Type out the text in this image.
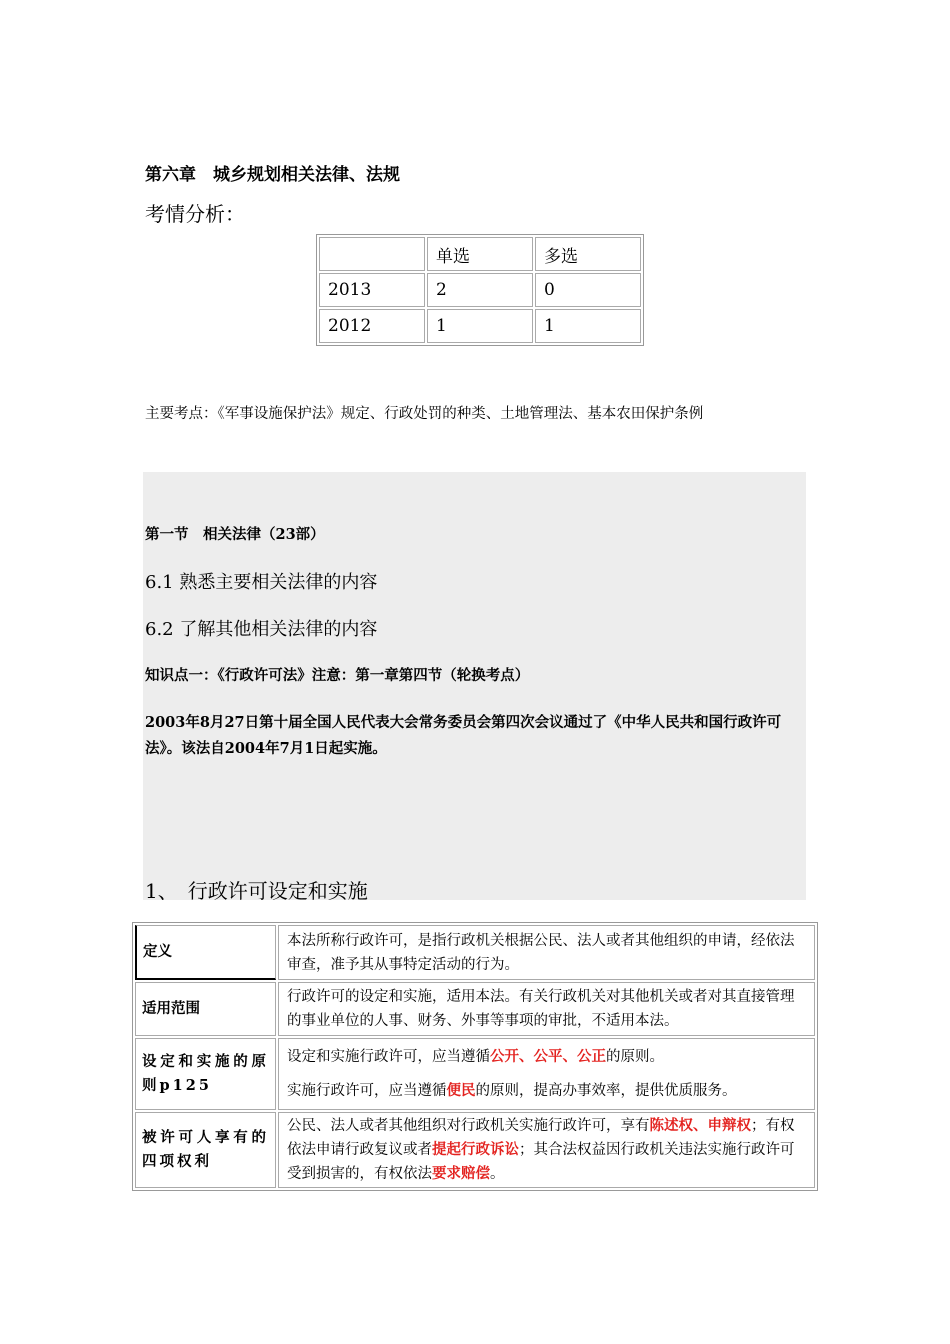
第六章　城乡规划相关法律、法规
考情分析：
	单选	多选
2013	2	0
2012	1	1
主要考点：《军事设施保护法》规定、行政处罚的种类、土地管理法、基本农田保护条例
第一节　相关法律（23部）
6.1 熟悉主要相关法律的内容
6.2 了解其他相关法律的内容
知识点一：《行政许可法》注意：第一章第四节（轮换考点）
2003年8月27日第十届全国人民代表大会常务委员会第四次会议通过了《中华人民共和国行政许可法》。该法自2004年7月1日起实施。
1、　行政许可设定和实施
定义	本法所称行政许可，是指行政机关根据公民、法人或者其他组织的申请，经依法审查，准予其从事特定活动的行为。
适用范围	行政许可的设定和实施，适用本法。有关行政机关对其他机关或者对其直接管理的事业单位的人事、财务、外事等事项的审批，不适用本法。
设定和实施的原则p125	设定和实施行政许可，应当遵循公开、公平、公正的原则。
实施行政许可，应当遵循便民的原则，提高办事效率，提供优质服务。

被许可人享有的四项权利	公民、法人或者其他组织对行政机关实施行政许可，享有陈述权、申辩权；有权依法申请行政复议或者提起行政诉讼；其合法权益因行政机关违法实施行政许可受到损害的，有权依法要求赔偿。
